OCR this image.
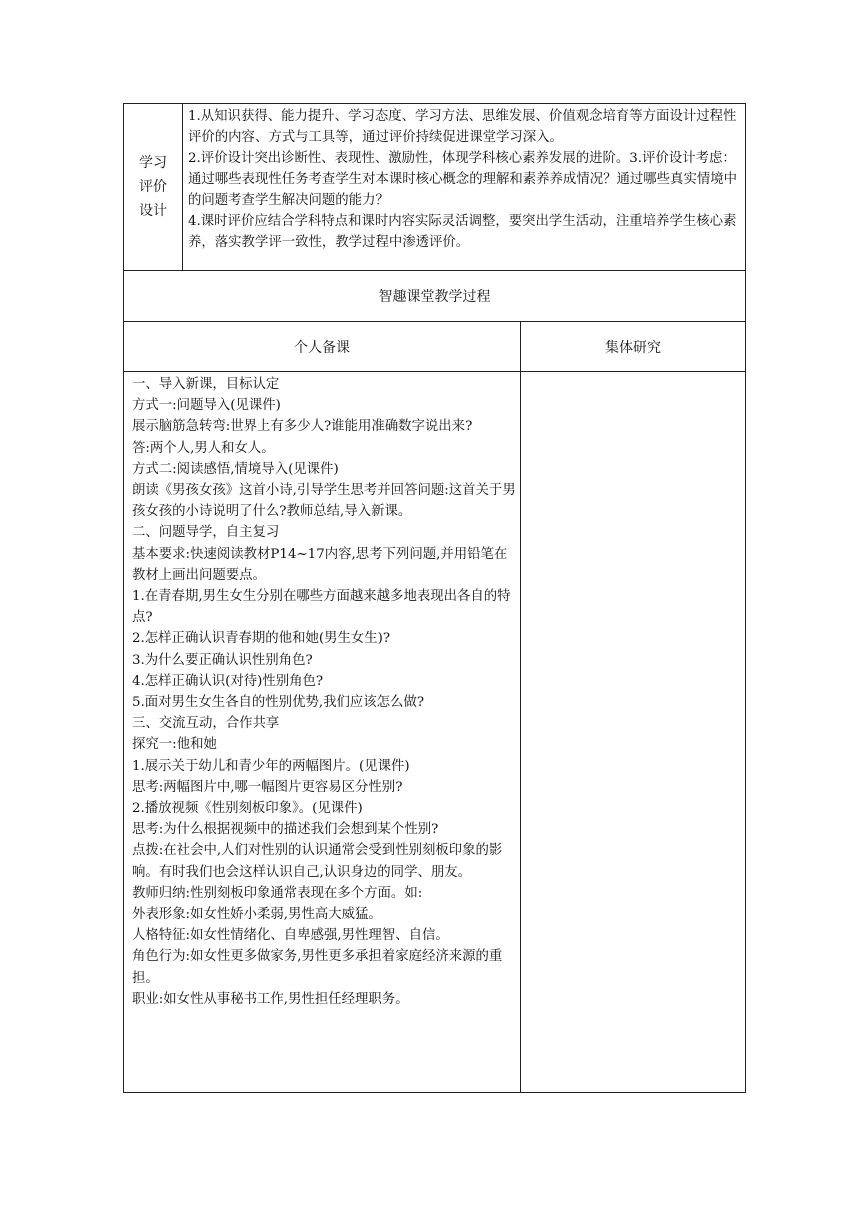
学习
评价
设计

1.从知识获得、能力提升、学习态度、学习方法、思维发展、价值观念培育等方面设计过程性评价的内容、方式与工具等，通过评价持续促进课堂学习深入。

2.评价设计突出诊断性、表现性、激励性，体现学科核心素养发展的进阶。3.评价设计考虑：通过哪些表现性任务考查学生对本课时核心概念的理解和素养养成情况？通过哪些真实情境中的问题考查学生解决问题的能力？

4.课时评价应结合学科特点和课时内容实际灵活调整，要突出学生活动，注重培养学生核心素养，落实教学评一致性，教学过程中渗透评价。

智趣课堂教学过程
个人备课	集体研究

一、导入新课，目标认定

方式一:问题导入(见课件)

展示脑筋急转弯:世界上有多少人?谁能用准确数字说出来?

答:两个人,男人和女人。

方式二:阅读感悟,情境导入(见课件)

朗读《男孩女孩》这首小诗,引导学生思考并回答问题:这首关于男孩女孩的小诗说明了什么?教师总结,导入新课。

二、问题导学，自主复习

基本要求:快速阅读教材P14~17内容,思考下列问题,并用铅笔在教材上画出问题要点。

1.在青春期,男生女生分别在哪些方面越来越多地表现出各自的特点?

2.怎样正确认识青春期的他和她(男生女生)?

3.为什么要正确认识性别角色?

4.怎样正确认识(对待)性别角色?

5.面对男生女生各自的性别优势,我们应该怎么做?

三、交流互动，合作共享

探究一:他和她

1.展示关于幼儿和青少年的两幅图片。(见课件)

思考:两幅图片中,哪一幅图片更容易区分性别?

2.播放视频《性别刻板印象》。(见课件)

思考:为什么根据视频中的描述我们会想到某个性别?

点拨:在社会中,人们对性别的认识通常会受到性别刻板印象的影响。有时我们也会这样认识自己,认识身边的同学、朋友。

教师归纳:性别刻板印象通常表现在多个方面。如:

外表形象:如女性娇小柔弱,男性高大威猛。

人格特征:如女性情绪化、自卑感强,男性理智、自信。

角色行为:如女性更多做家务,男性更多承担着家庭经济来源的重担。

职业:如女性从事秘书工作,男性担任经理职务。
